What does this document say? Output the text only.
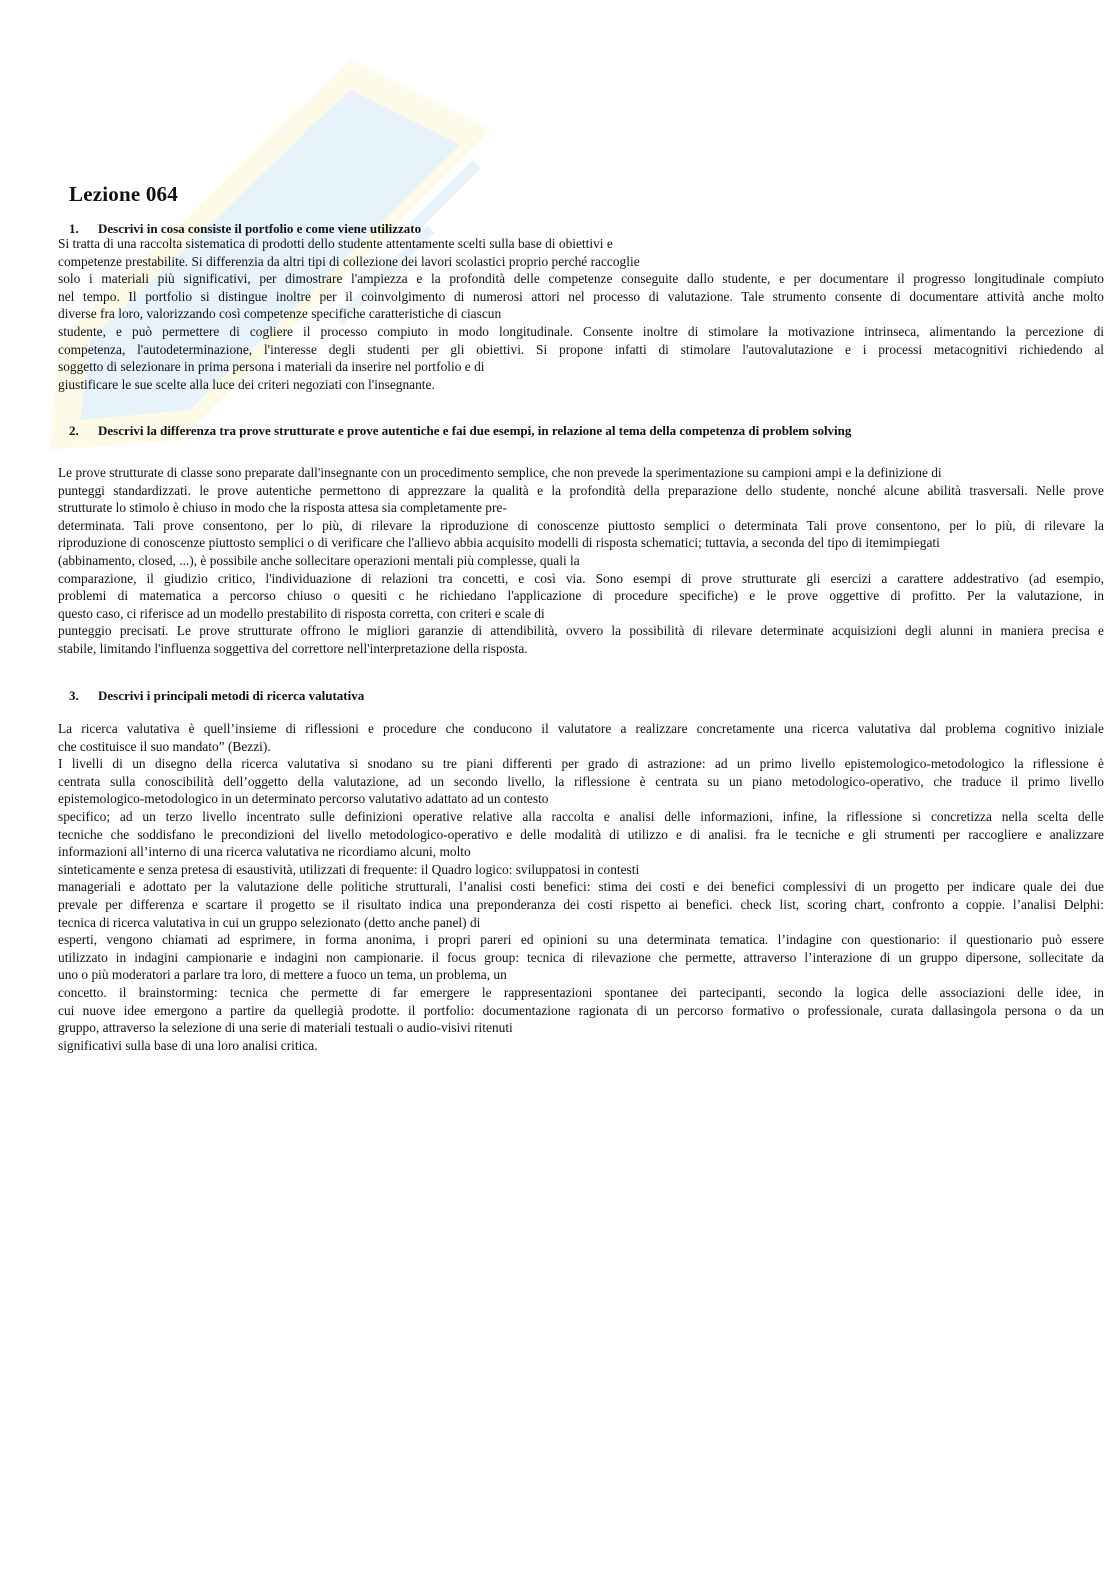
Lezione 064
1. Descrivi in cosa consiste il portfolio e come viene utilizzato

Si tratta di una raccolta sistematica di prodotti dello studente attentamente scelti sulla base di obiettivi e
competenze prestabilite. Si differenzia da altri tipi di collezione dei lavori scolastici proprio perché raccoglie
solo i materiali più significativi, per dimostrare l'ampiezza e la profondità delle competenze conseguite dallo studente, e per documentare il progresso longitudinale compiuto
nel tempo. Il portfolio si distingue inoltre per il coinvolgimento di numerosi attori nel processo di valutazione. Tale strumento consente di documentare attività anche molto
diverse fra loro, valorizzando così competenze specifiche caratteristiche di ciascun
studente, e può permettere di cogliere il processo compiuto in modo longitudinale. Consente inoltre di stimolare la motivazione intrinseca, alimentando la percezione di
competenza, l'autodeterminazione, l'interesse degli studenti per gli obiettivi. Si propone infatti di stimolare l'autovalutazione e i processi metacognitivi richiedendo al
soggetto di selezionare in prima persona i materiali da inserire nel portfolio e di
giustificare le sue scelte alla luce dei criteri negoziati con l'insegnante.

2. Descrivi la differenza tra prove strutturate e prove autentiche e fai due esempi, in relazione al tema della competenza di problem solving

Le prove strutturate di classe sono preparate dall'insegnante con un procedimento semplice, che non prevede la sperimentazione su campioni ampi e la definizione di
punteggi standardizzati. le prove autentiche permettono di apprezzare la qualità e la profondità della preparazione dello studente, nonché alcune abilità trasversali. Nelle prove
strutturate lo stimolo è chiuso in modo che la risposta attesa sia completamente pre-
determinata. Tali prove consentono, per lo più, di rilevare la riproduzione di conoscenze piuttosto semplici o determinata Tali prove consentono, per lo più, di rilevare la
riproduzione di conoscenze piuttosto semplici o di verificare che l'allievo abbia acquisito modelli di risposta schematici; tuttavia, a seconda del tipo di itemimpiegati
(abbinamento, closed, ...), è possibile anche sollecitare operazioni mentali più complesse, quali la
comparazione, il giudizio critico, l'individuazione di relazioni tra concetti, e così via. Sono esempi di prove strutturate gli esercizi a carattere addestrativo (ad esempio,
problemi di matematica a percorso chiuso o quesiti c he richiedano l'applicazione di procedure specifiche) e le prove oggettive di profitto. Per la valutazione, in
questo caso, ci riferisce ad un modello prestabilito di risposta corretta, con criteri e scale di
punteggio precisati. Le prove strutturate offrono le migliori garanzie di attendibilità, ovvero la possibilità di rilevare determinate acquisizioni degli alunni in maniera precisa e
stabile, limitando l'influenza soggettiva del correttore nell'interpretazione della risposta.

3. Descrivi i principali metodi di ricerca valutativa

La ricerca valutativa è quell’insieme di riflessioni e procedure che conducono il valutatore a realizzare concretamente una ricerca valutativa dal problema cognitivo iniziale
che costituisce il suo mandato” (Bezzi).
I livelli di un disegno della ricerca valutativa si snodano su tre piani differenti per grado di astrazione: ad un primo livello epistemologico-metodologico la riflessione è
centrata sulla conoscibilità dell’oggetto della valutazione, ad un secondo livello, la riflessione è centrata su un piano metodologico-operativo, che traduce il primo livello
epistemologico-metodologico in un determinato percorso valutativo adattato ad un contesto
specifico; ad un terzo livello incentrato sulle definizioni operative relative alla raccolta e analisi delle informazioni, infine, la riflessione si concretizza nella scelta delle
tecniche che soddisfano le precondizioni del livello metodologico-operativo e delle modalità di utilizzo e di analisi. fra le tecniche e gli strumenti per raccogliere e analizzare
informazioni all’interno di una ricerca valutativa ne ricordiamo alcuni, molto
sinteticamente e senza pretesa di esaustività, utilizzati di frequente: il Quadro logico: sviluppatosi in contesti
manageriali e adottato per la valutazione delle politiche strutturali, l’analisi costi benefici: stima dei costi e dei benefici complessivi di un progetto per indicare quale dei due
prevale per differenza e scartare il progetto se il risultato indica una preponderanza dei costi rispetto ai benefici. check list, scoring chart, confronto a coppie. l’analisi Delphi:
tecnica di ricerca valutativa in cui un gruppo selezionato (detto anche panel) di
esperti, vengono chiamati ad esprimere, in forma anonima, i propri pareri ed opinioni su una determinata tematica. l’indagine con questionario: il questionario può essere
utilizzato in indagini campionarie e indagini non campionarie. il focus group: tecnica di rilevazione che permette, attraverso l’interazione di un gruppo dipersone, sollecitate da
uno o più moderatori a parlare tra loro, di mettere a fuoco un tema, un problema, un
concetto. il brainstorming: tecnica che permette di far emergere le rappresentazioni spontanee dei partecipanti, secondo la logica delle associazioni delle idee, in
cui nuove idee emergono a partire da quellegià prodotte. il portfolio: documentazione ragionata di un percorso formativo o professionale, curata dallasingola persona o da un
gruppo, attraverso la selezione di una serie di materiali testuali o audio-visivi ritenuti
significativi sulla base di una loro analisi critica.
